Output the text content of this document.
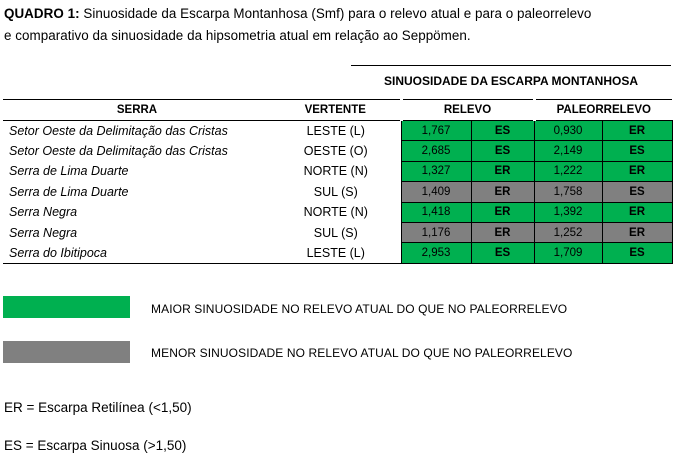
QUADRO 1: Sinuosidade da Escarpa Montanhosa (Smf) para o relevo atual e para o paleorrelevo
e comparativo da sinuosidade da hipsometria atual em relação ao Seppömen.
SINUOSIDADE DA ESCARPA MONTANHOSA
SERRA	VERTENTE	RELEVO		PALEORRELEVO	
Setor Oeste da Delimitação das Cristas	LESTE (L)	1,767	ES	0,930	ER
Setor Oeste da Delimitação das Cristas	OESTE (O)	2,685	ES	2,149	ES
Serra de Lima Duarte	NORTE (N)	1,327	ER	1,222	ER
Serra de Lima Duarte	SUL (S)	1,409	ER	1,758	ES
Serra Negra	NORTE (N)	1,418	ER	1,392	ER
Serra Negra	SUL (S)	1,176	ER	1,252	ER
Serra do Ibitipoca	LESTE (L)	2,953	ES	1,709	ES
MAIOR SINUOSIDADE NO RELEVO ATUAL DO QUE NO PALEORRELEVO
MENOR SINUOSIDADE NO RELEVO ATUAL DO QUE NO PALEORRELEVO
ER = Escarpa Retilínea (<1,50)
ES = Escarpa Sinuosa (>1,50)
